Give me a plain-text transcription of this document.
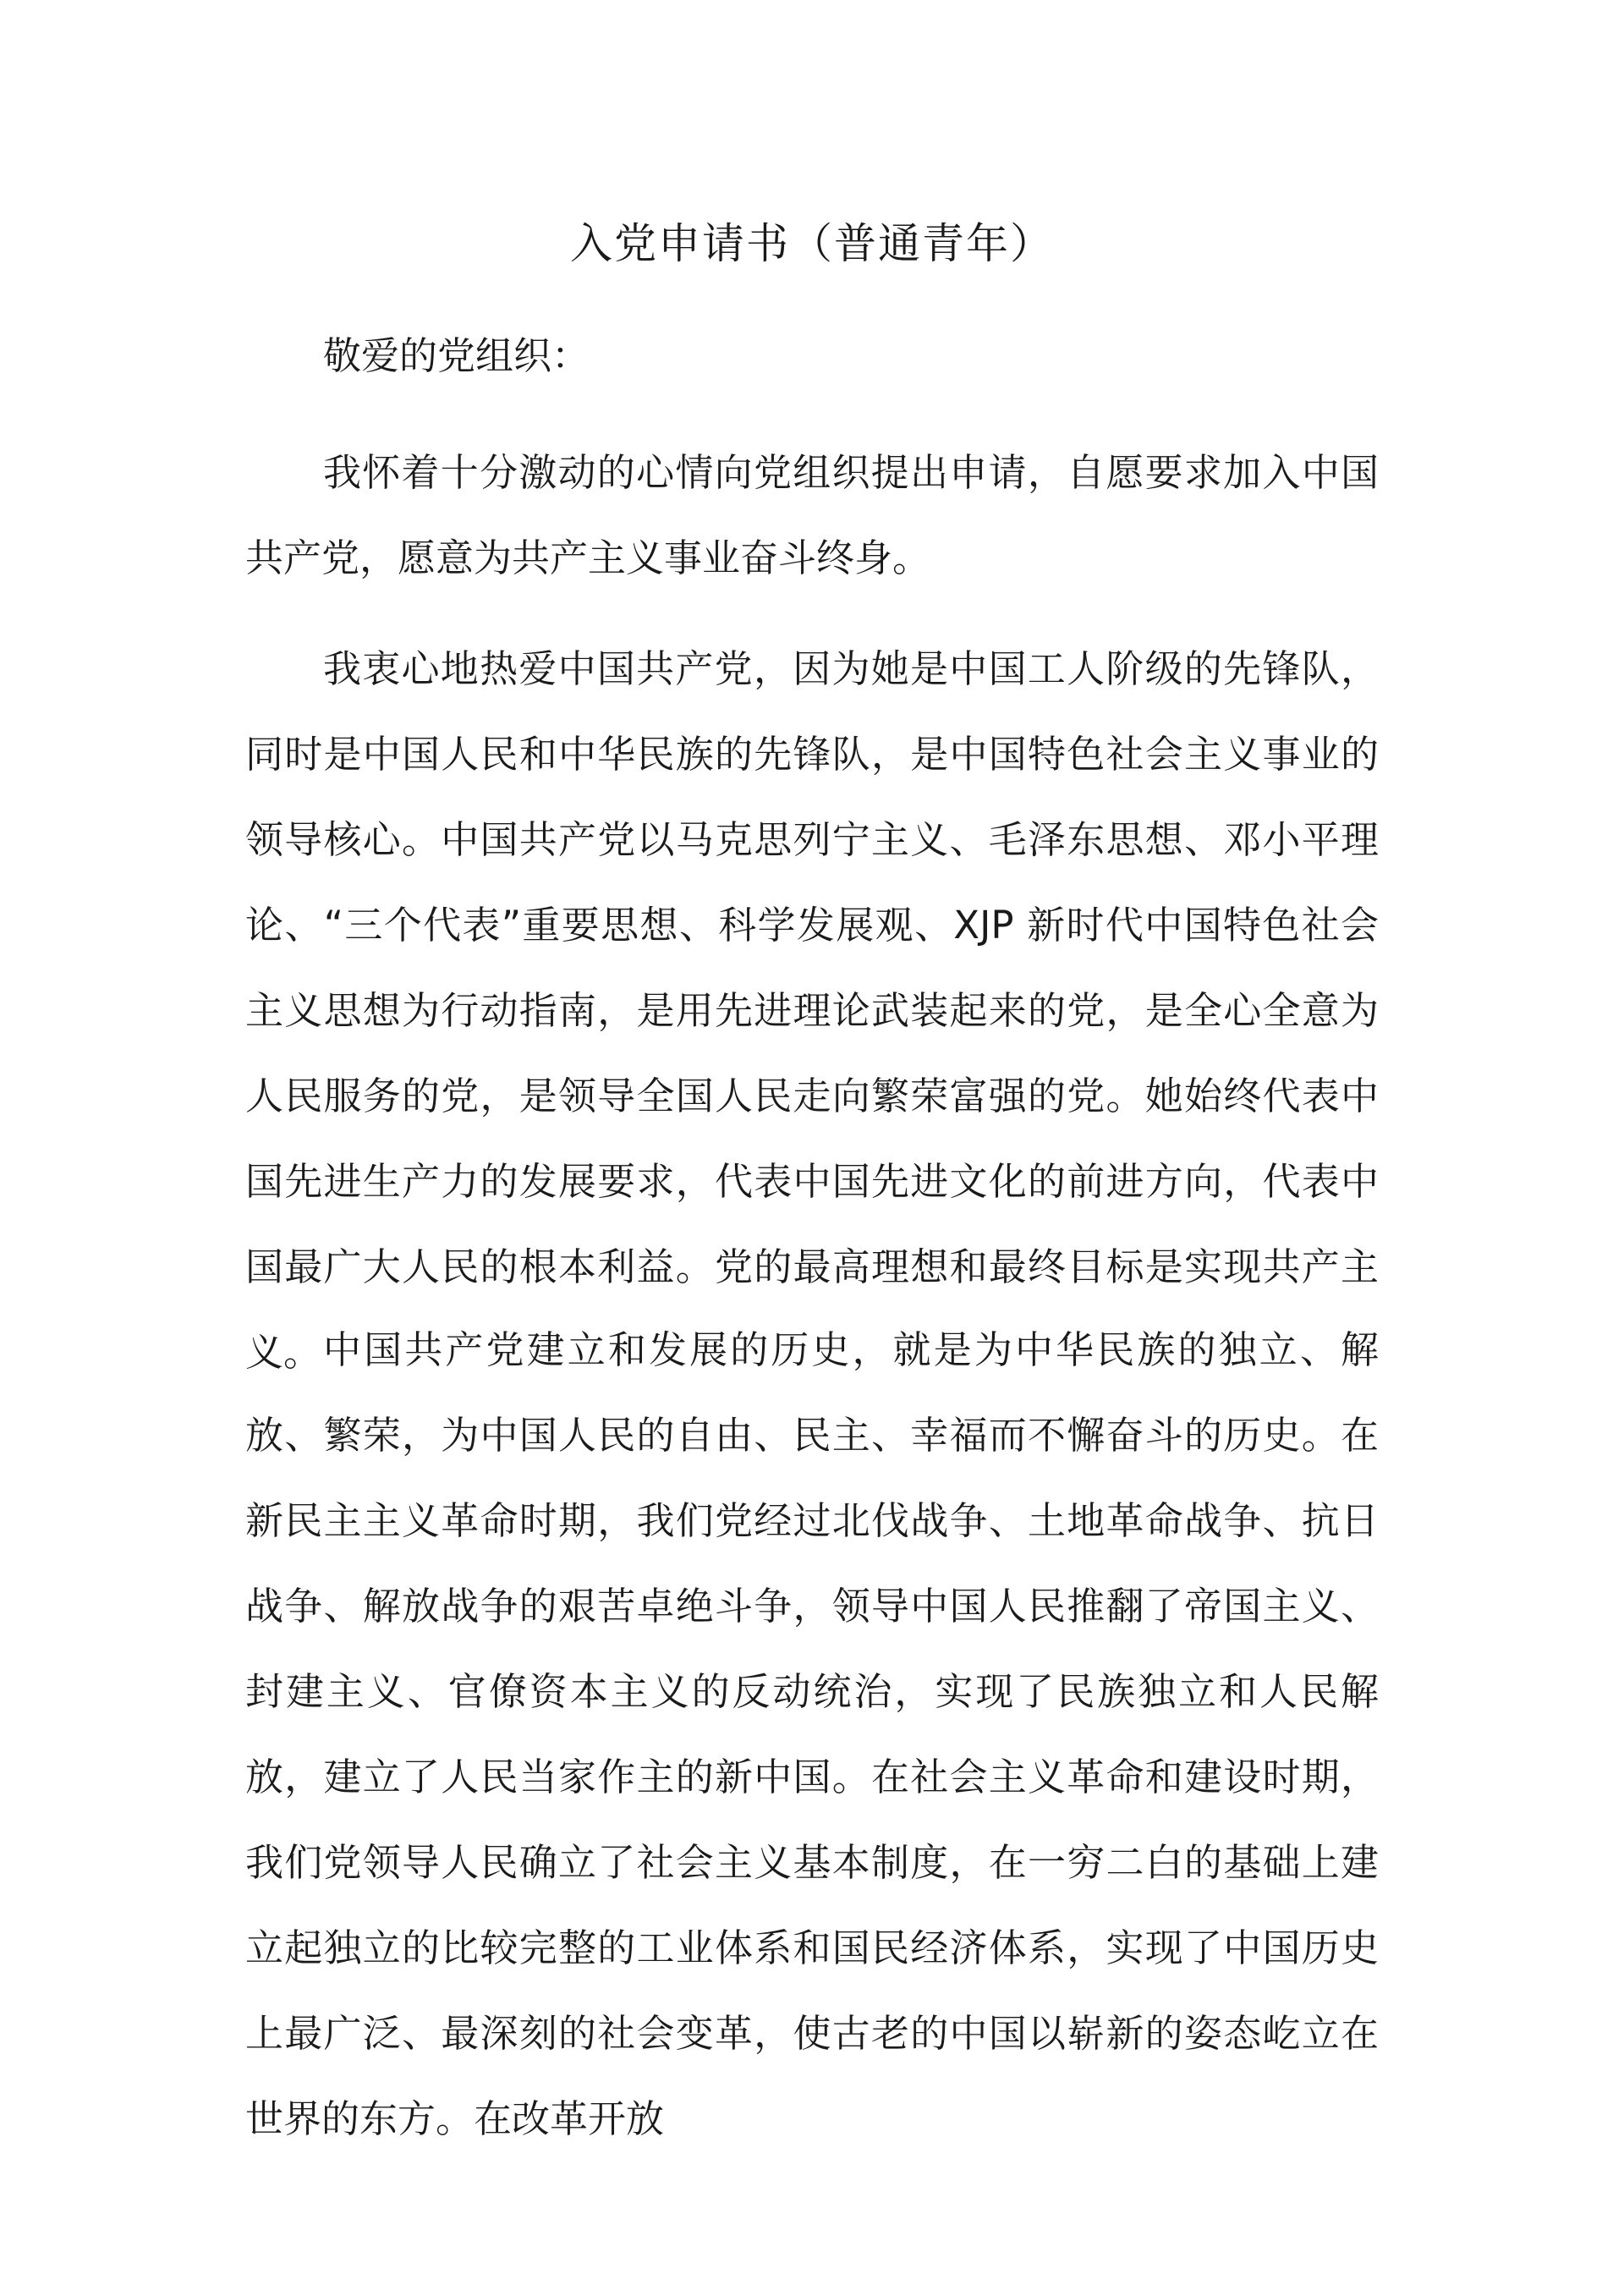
入党申请书（普通青年）

敬爱的党组织：

我怀着十分激动的心情向党组织提出申请，自愿要求加入中国共产党，愿意为共产主义事业奋斗终身。

我衷心地热爱中国共产党，因为她是中国工人阶级的先锋队，同时是中国人民和中华民族的先锋队，是中国特色社会主义事业的领导核心。中国共产党以马克思列宁主义、毛泽东思想、邓小平理论、“三个代表”重要思想、科学发展观、XJP 新时代中国特色社会主义思想为行动指南，是用先进理论武装起来的党，是全心全意为人民服务的党，是领导全国人民走向繁荣富强的党。她始终代表中国先进生产力的发展要求，代表中国先进文化的前进方向，代表中国最广大人民的根本利益。党的最高理想和最终目标是实现共产主义。 中国共产党建立和发展的历史，就是为中华民族的独立、解放、繁荣，为中国人民的自由、民主、幸福而不懈奋斗的历史。在新民主主义革命时期，我们党经过北伐战争、土地革命战争、抗日战争、解放战争的艰苦卓绝斗争，领导中国人民推翻了帝国主义、封建主义、官僚资本主义的反动统治，实现了民族独立和人民解放，建立了人民当家作主的新中国。在社会主义革命和建设时期，我们党领导人民确立了社会主义基本制度，在一穷二白的基础上建立起独立的比较完整的工业体系和国民经济体系，实现了中国历史上最广泛、最深刻的社会变革，使古老的中国以崭新的姿态屹立在世界的东方。在改革开放
